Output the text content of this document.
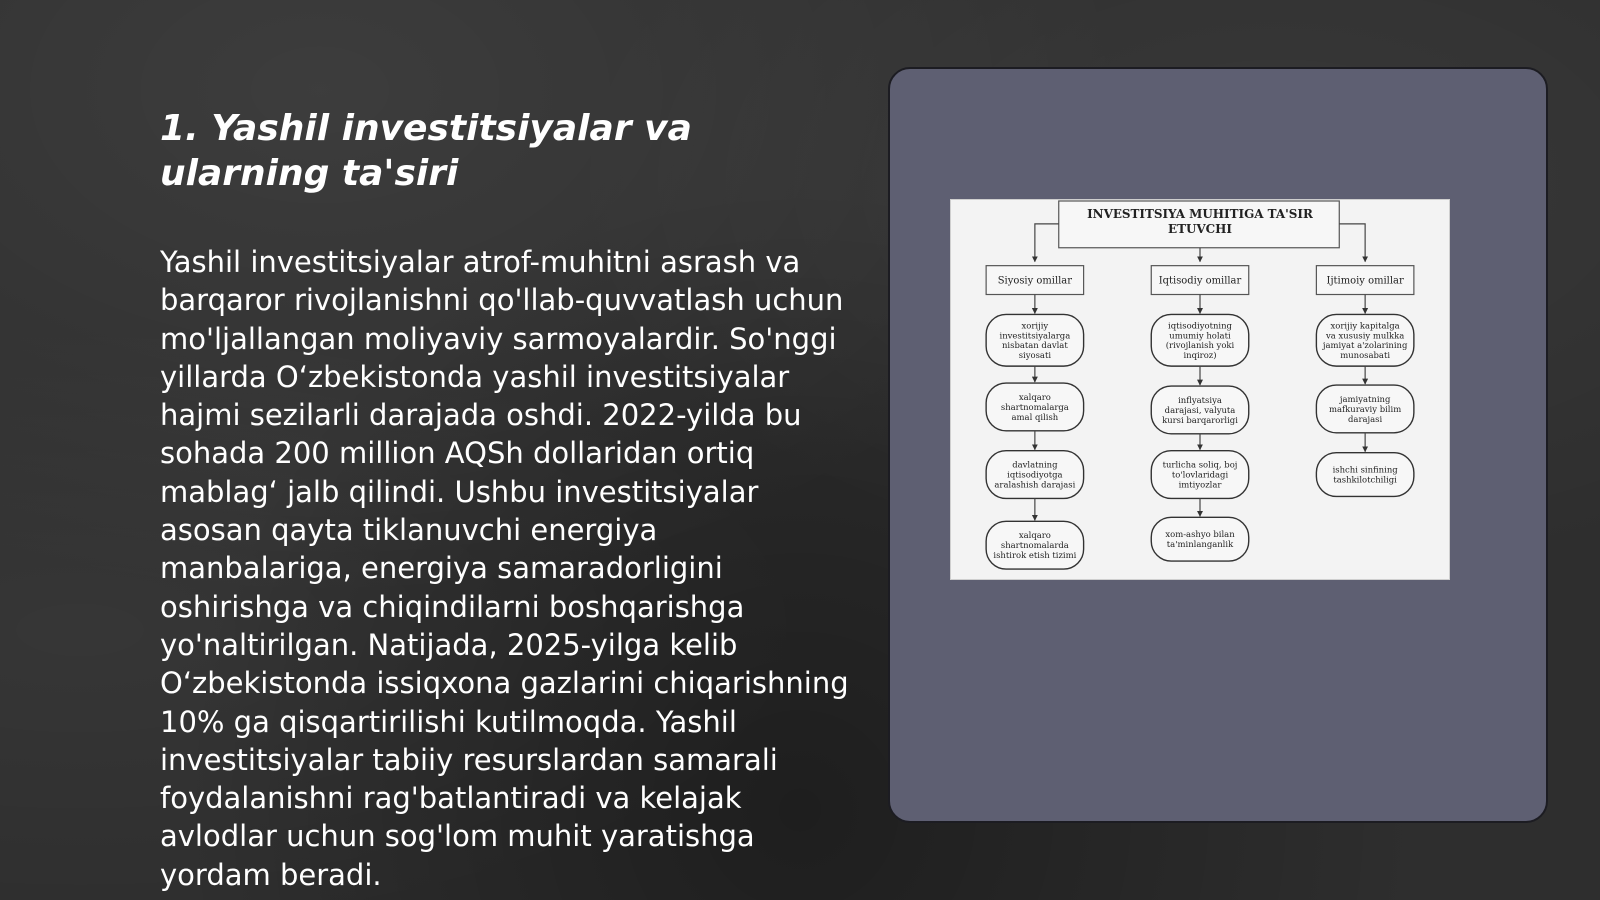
1. Yashil investitsiyalar va ularning ta'siri

Yashil investitsiyalar atrof-muhitni asrash va barqaror rivojlanishni qo'llab-quvvatlash uchun mo'ljallangan moliyaviy sarmoyalardir. So'nggi yillarda O‘zbekistonda yashil investitsiyalar hajmi sezilarli darajada oshdi. 2022-yilda bu sohada 200 million AQSh dollaridan ortiq mablag‘ jalb qilindi. Ushbu investitsiyalar asosan qayta tiklanuvchi energiya manbalariga, energiya samaradorligini oshirishga va chiqindilarni boshqarishga yo'naltirilgan. Natijada, 2025-yilga kelib O‘zbekistonda issiqxona gazlarini chiqarishning 10% ga qisqartirilishi kutilmoqda. Yashil investitsiyalar tabiiy resurslardan samarali foydalanishni rag'batlantiradi va kelajak avlodlar uchun sog'lom muhit yaratishga yordam beradi.

INVESTITSIYA MUHITIGA TA'SIR
ETUVCHI
Siyosiy omillar
xorijiy
investitsiyalarga
nisbatan davlat
siyosati
xalqaro
shartnomalarga
amal qilish
davlatning
iqtisodiyotga
aralashish darajasi
xalqaro
shartnomalarda
ishtirok etish tizimi
Iqtisodiy omillar
iqtisodiyotning
umumiy holati
(rivojlanish yoki
inqiroz)
inflyatsiya
darajasi, valyuta
kursi barqarorligi
turlicha soliq, boj
to'lovlaridagi
imtiyozlar
xom-ashyo bilan
ta'minlanganlik
Ijtimoiy omillar
xorijiy kapitalga
va xususiy mulkka
jamiyat a'zolarining
munosabati
jamiyatning
mafkuraviy bilim
darajasi
ishchi sinfining
tashkilotchiligi
